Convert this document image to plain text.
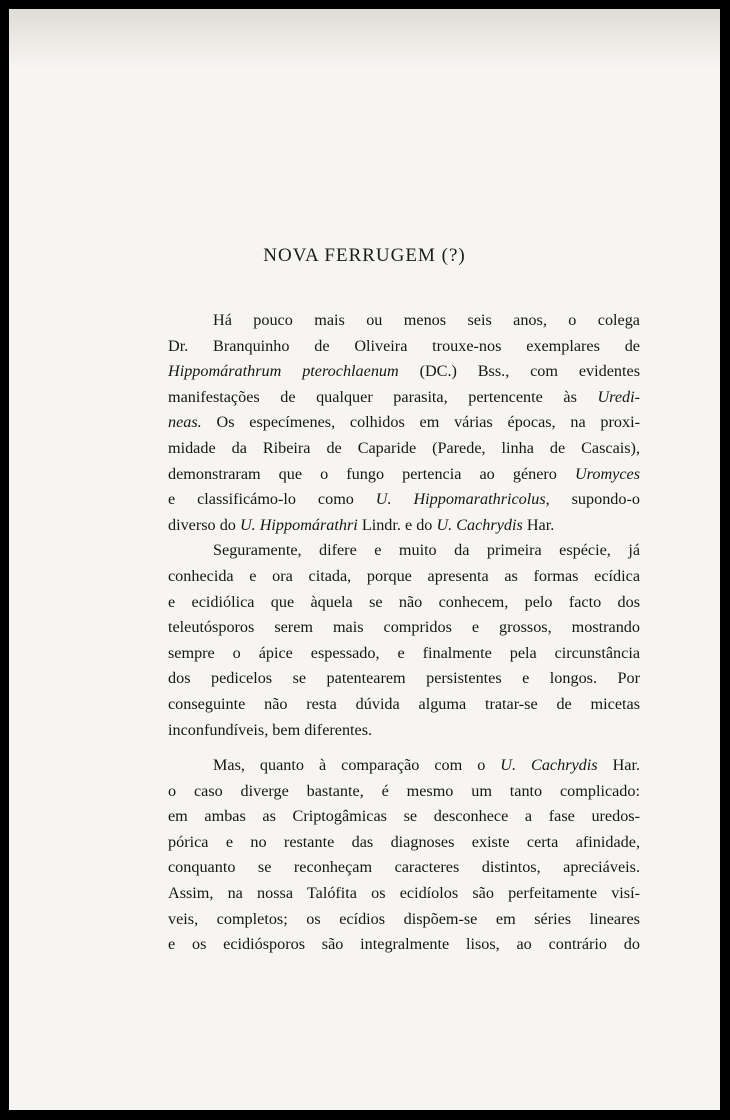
NOVA FERRUGEM (?)
Há pouco mais ou menos seis anos, o colega
Dr. Branquinho de Oliveira trouxe-nos exemplares de
Hippomárathrum pterochlaenum (DC.) Bss., com evidentes
manifestações de qualquer parasita, pertencente às Uredi-
neas. Os especímenes, colhidos em várias épocas, na proxi-
midade da Ribeira de Caparide (Parede, linha de Cascais),
demonstraram que o fungo pertencia ao género Uromyces
e classificámo-lo como U. Hippomarathricolus, supondo-o
diverso do U. Hippomárathri Lindr. e do U. Cachrydis Har.
Seguramente, difere e muito da primeira espécie, já
conhecida e ora citada, porque apresenta as formas ecídica
e ecidiólica que àquela se não conhecem, pelo facto dos
teleutósporos serem mais compridos e grossos, mostrando
sempre o ápice espessado, e finalmente pela circunstância
dos pedicelos se patentearem persistentes e longos. Por
conseguinte não resta dúvida alguma tratar-se de micetas
inconfundíveis, bem diferentes.
Mas, quanto à comparação com o U. Cachrydis Har.
o caso diverge bastante, é mesmo um tanto complicado:
em ambas as Criptogâmicas se desconhece a fase uredos-
pórica e no restante das diagnoses existe certa afinidade,
conquanto se reconheçam caracteres distintos, apreciáveis.
Assim, na nossa Talófita os ecidíolos são perfeitamente visí-
veis, completos; os ecídios dispõem-se em séries lineares
e os ecidiósporos são integralmente lisos, ao contrário do
